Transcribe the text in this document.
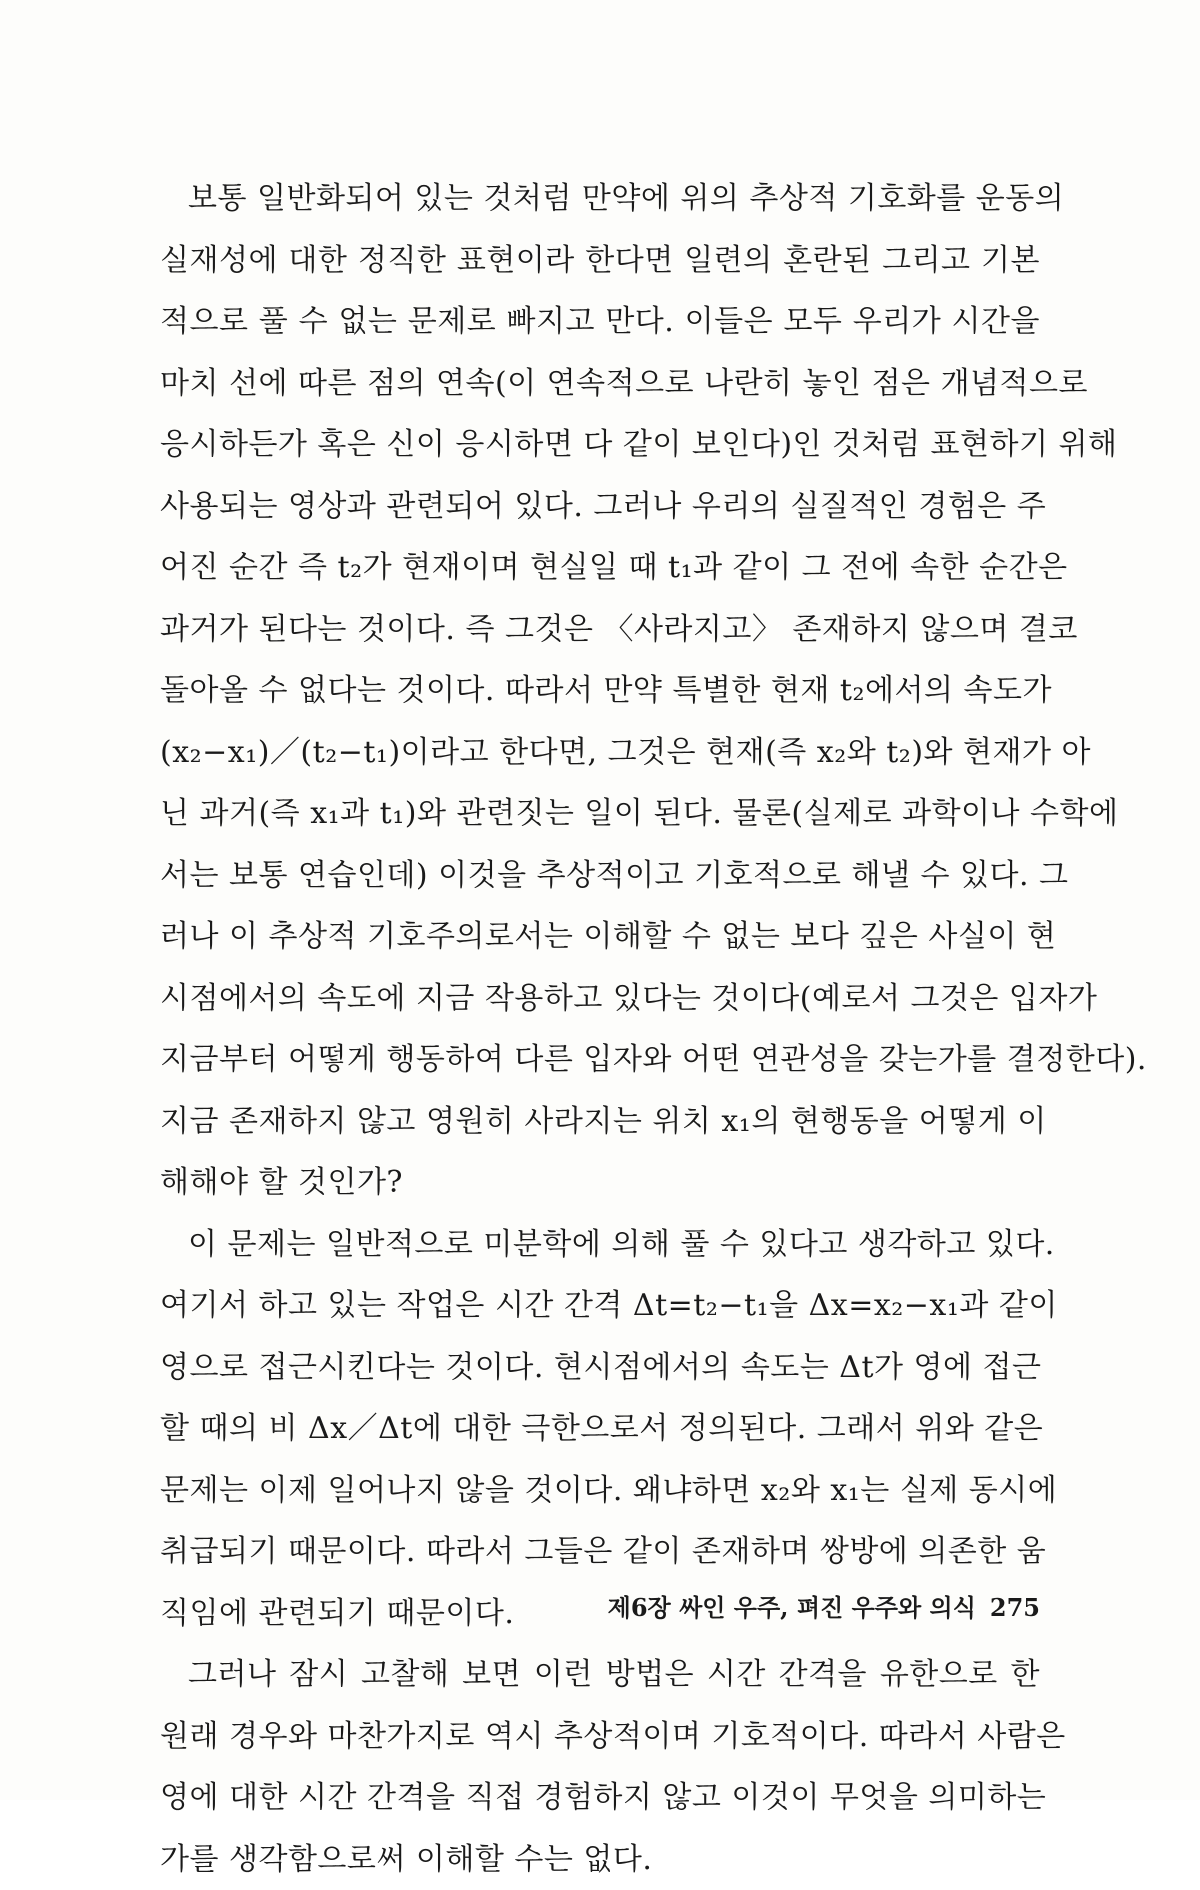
보통 일반화되어 있는 것처럼 만약에 위의 추상적 기호화를 운동의
실재성에 대한 정직한 표현이라 한다면 일련의 혼란된 그리고 기본
적으로 풀 수 없는 문제로 빠지고 만다. 이들은 모두 우리가 시간을
마치 선에 따른 점의 연속(이 연속적으로 나란히 놓인 점은 개념적으로
응시하든가 혹은 신이 응시하면 다 같이 보인다)인 것처럼 표현하기 위해
사용되는 영상과 관련되어 있다. 그러나 우리의 실질적인 경험은 주
어진 순간 즉 t₂가 현재이며 현실일 때 t₁과 같이 그 전에 속한 순간은
과거가 된다는 것이다. 즉 그것은 〈사라지고〉 존재하지 않으며 결코
돌아올 수 없다는 것이다. 따라서 만약 특별한 현재 t₂에서의 속도가
(x₂−x₁)／(t₂−t₁)이라고 한다면, 그것은 현재(즉 x₂와 t₂)와 현재가 아
닌 과거(즉 x₁과 t₁)와 관련짓는 일이 된다. 물론(실제로 과학이나 수학에
서는 보통 연습인데) 이것을 추상적이고 기호적으로 해낼 수 있다. 그
러나 이 추상적 기호주의로서는 이해할 수 없는 보다 깊은 사실이 현
시점에서의 속도에 지금 작용하고 있다는 것이다(예로서 그것은 입자가
지금부터 어떻게 행동하여 다른 입자와 어떤 연관성을 갖는가를 결정한다).
지금 존재하지 않고 영원히 사라지는 위치 x₁의 현행동을 어떻게 이
해해야 할 것인가?
이 문제는 일반적으로 미분학에 의해 풀 수 있다고 생각하고 있다.
여기서 하고 있는 작업은 시간 간격 Δt=t₂−t₁을 Δx=x₂−x₁과 같이
영으로 접근시킨다는 것이다. 현시점에서의 속도는 Δt가 영에 접근
할 때의 비 Δx／Δt에 대한 극한으로서 정의된다. 그래서 위와 같은
문제는 이제 일어나지 않을 것이다. 왜냐하면 x₂와 x₁는 실제 동시에
취급되기 때문이다. 따라서 그들은 같이 존재하며 쌍방에 의존한 움
직임에 관련되기 때문이다.
그러나 잠시 고찰해 보면 이런 방법은 시간 간격을 유한으로 한
원래 경우와 마찬가지로 역시 추상적이며 기호적이다. 따라서 사람은
영에 대한 시간 간격을 직접 경험하지 않고 이것이 무엇을 의미하는
가를 생각함으로써 이해할 수는 없다.
제6장 싸인 우주, 펴진 우주와 의식 275
